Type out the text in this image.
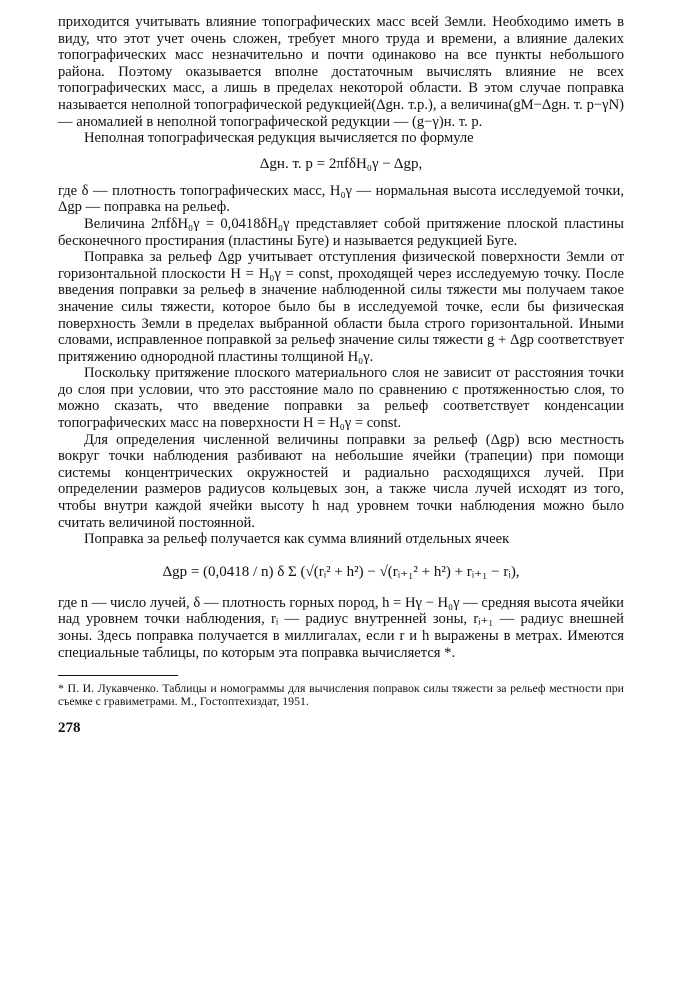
приходится учитывать влияние топографических масс всей Земли. Необходимо иметь в виду, что этот учет очень сложен, требует много труда и времени, а влияние далеких топографических масс незначительно и почти одинаково на все пункты небольшого района. Поэтому оказывается вполне достаточным вычислять влияние не всех топографических масс, а лишь в пределах некоторой области. В этом случае поправка называется неполной топографической редукцией(Δgн. т.р.), а величина(gM−Δgн. т. р−γN) — аномалией в неполной топографической редукции — (g−γ)н. т. р.

Неполная топографическая редукция вычисляется по формуле

Δgн. т. р = 2πfδH₀γ − Δgр,

где δ — плотность топографических масс, H₀γ — нормальная высота исследуемой точки, Δgр — поправка на рельеф.

Величина 2πfδH₀γ = 0,0418δH₀γ представляет собой притяжение плоской пластины бесконечного простирания (пластины Буге) и называется редукцией Буге.

Поправка за рельеф Δgр учитывает отступления физической поверхности Земли от горизонтальной плоскости H = H₀γ = const, проходящей через исследуемую точку. После введения поправки за рельеф в значение наблюденной силы тяжести мы получаем такое значение силы тяжести, которое было бы в исследуемой точке, если бы физическая поверхность Земли в пределах выбранной области была строго горизонтальной. Иными словами, исправленное поправкой за рельеф значение силы тяжести g + Δgр соответствует притяжению однородной пластины толщиной H₀γ.

Поскольку притяжение плоского материального слоя не зависит от расстояния точки до слоя при условии, что это расстояние мало по сравнению с протяженностью слоя, то можно сказать, что введение поправки за рельеф соответствует конденсации топографических масс на поверхности H = H₀γ = const.

Для определения численной величины поправки за рельеф (Δgр) всю местность вокруг точки наблюдения разбивают на небольшие ячейки (трапеции) при помощи системы концентрических окружностей и радиально расходящихся лучей. При определении размеров радиусов кольцевых зон, а также числа лучей исходят из того, чтобы внутри каждой ячейки высоту h над уровнем точки наблюдения можно было считать величиной постоянной.

Поправка за рельеф получается как сумма влияний отдельных ячеек

Δgр = (0,0418 / n) δ Σ (√(rᵢ² + h²) − √(rᵢ₊₁² + h²) + rᵢ₊₁ − rᵢ),

где n — число лучей, δ — плотность горных пород, h = Hγ − H₀γ — средняя высота ячейки над уровнем точки наблюдения, rᵢ — радиус внутренней зоны, rᵢ₊₁ — радиус внешней зоны. Здесь поправка получается в миллигалах, если r и h выражены в метрах. Имеются специальные таблицы, по которым эта поправка вычисляется *.

* П. И. Лукавченко. Таблицы и номограммы для вычисления поправок силы тяжести за рельеф местности при съемке с гравиметрами. М., Гостоптехиздат, 1951.

278
